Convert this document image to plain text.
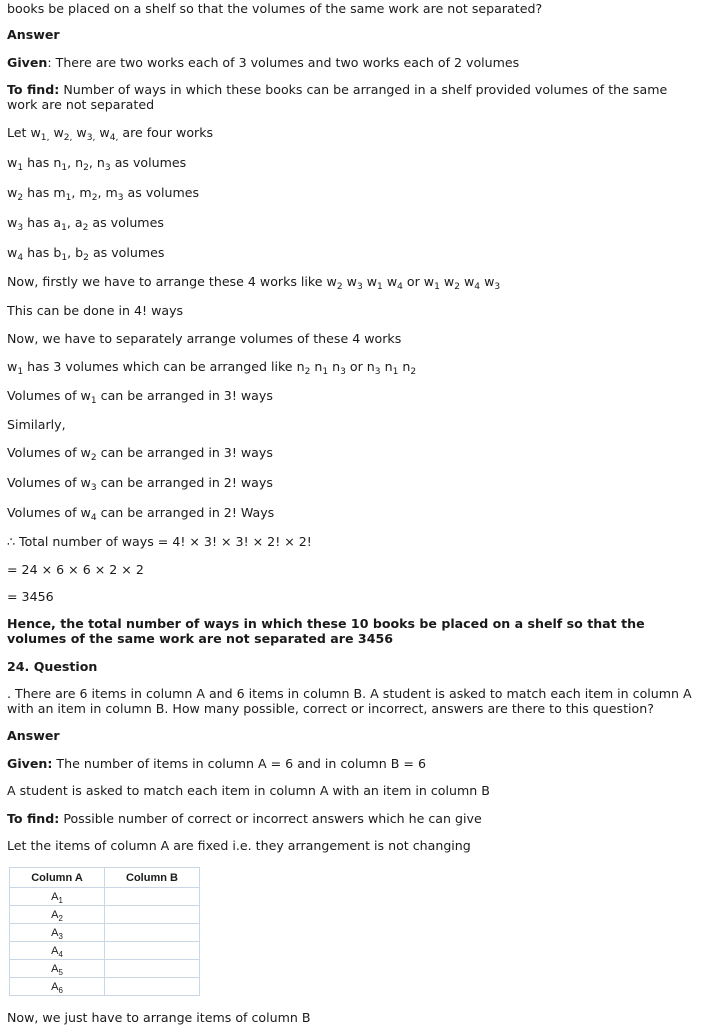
books be placed on a shelf so that the volumes of the same work are not separated?
Answer
Given: There are two works each of 3 volumes and two works each of 2 volumes
To find: Number of ways in which these books can be arranged in a shelf provided volumes of the same work are not separated
Let $w_{1,}$ $w_{2,}$ $w_{3,}$ $w_{4,}$ are four works
$w_1$ has $n_1$, $n_2$, $n_3$ as volumes
$w_2$ has $m_1$, $m_2$, $m_3$ as volumes
$w_3$ has $a_1$, $a_2$ as volumes
$w_4$ has $b_1$, $b_2$ as volumes
Now, firstly we have to arrange these 4 works like $w_2$ $w_3$ $w_1$ $w_4$ or $w_1$ $w_2$ $w_4$ $w_3$
This can be done in 4! ways
Now, we have to separately arrange volumes of these 4 works
$w_1$ has 3 volumes which can be arranged like $n_2$ $n_1$ $n_3$ or $n_3$ $n_1$ $n_2$
Volumes of $w_1$ can be arranged in 3! ways
Similarly,
Volumes of $w_2$ can be arranged in 3! ways
Volumes of $w_3$ can be arranged in 2! ways
Volumes of $w_4$ can be arranged in 2! Ways
∴ Total number of ways = 4! × 3! × 3! × 2! × 2!
= 24 × 6 × 6 × 2 × 2
= 3456
Hence, the total number of ways in which these 10 books be placed on a shelf so that the volumes of the same work are not separated are 3456
24. Question
. There are 6 items in column A and 6 items in column B. A student is asked to match each item in column A with an item in column B. How many possible, correct or incorrect, answers are there to this question?
Answer
Given: The number of items in column A = 6 and in column B = 6
A student is asked to match each item in column A with an item in column B
To find: Possible number of correct or incorrect answers which he can give
Let the items of column A are fixed i.e. they arrangement is not changing
Column A	Column B
$A_1$	
$A_2$	
$A_3$	
$A_4$	
$A_5$	
$A_6$	
Now, we just have to arrange items of column B
